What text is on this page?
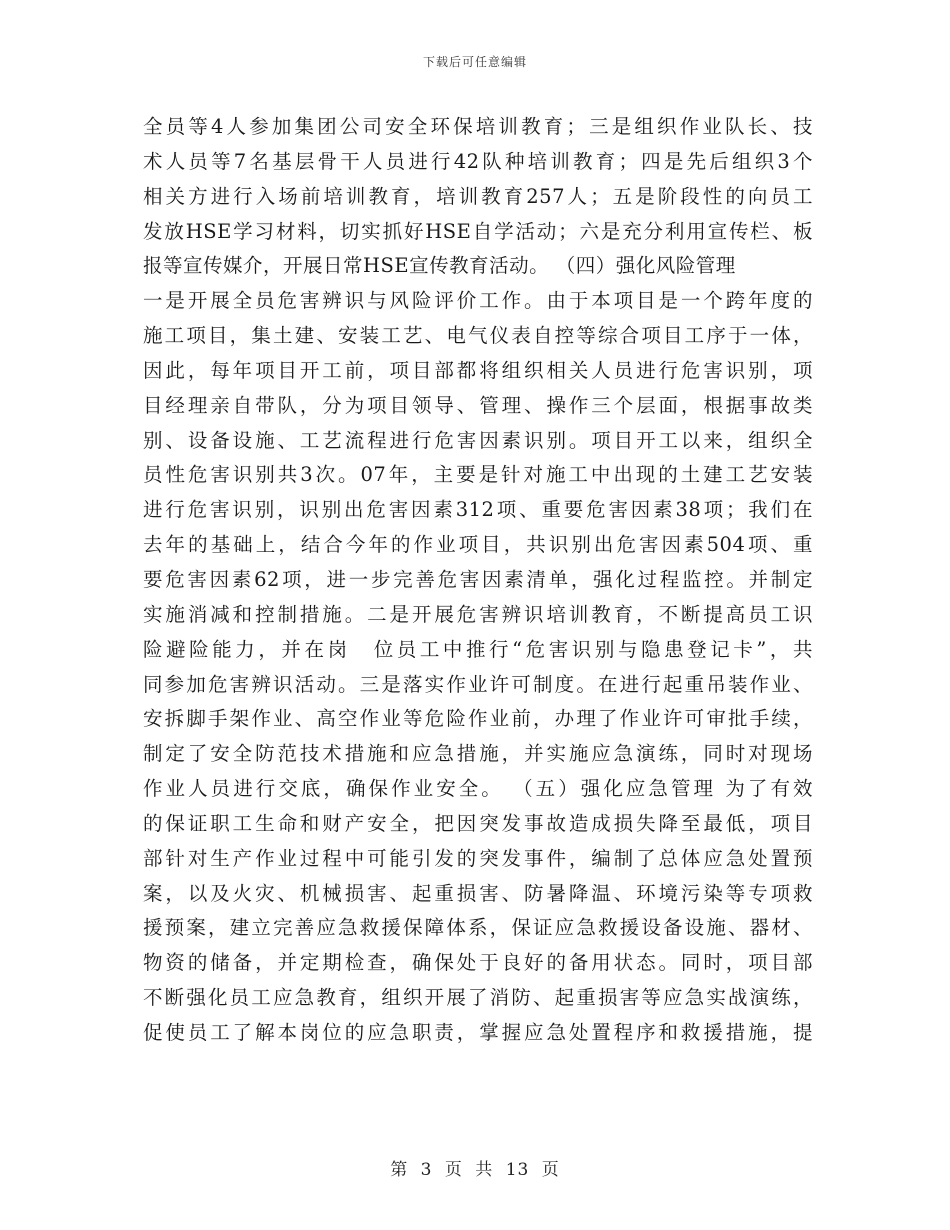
下载后可任意编辑
全员等4人参加集团公司安全环保培训教育；三是组织作业队长、技
术人员等7名基层骨干人员进行42队种培训教育；四是先后组织3个
相关方进行入场前培训教育，培训教育257人；五是阶段性的向员工
发放HSE学习材料，切实抓好HSE自学活动；六是充分利用宣传栏、板
报等宣传媒介，开展日常HSE宣传教育活动。 （四）强化风险管理
一是开展全员危害辨识与风险评价工作。由于本项目是一个跨年度的
施工项目，集土建、安装工艺、电气仪表自控等综合项目工序于一体，
因此，每年项目开工前，项目部都将组织相关人员进行危害识别，项
目经理亲自带队，分为项目领导、管理、操作三个层面，根据事故类
别、设备设施、工艺流程进行危害因素识别。项目开工以来，组织全
员性危害识别共3次。07年，主要是针对施工中出现的土建工艺安装
进行危害识别，识别出危害因素312项、重要危害因素38项；我们在
去年的基础上，结合今年的作业项目，共识别出危害因素504项、重
要危害因素62项，进一步完善危害因素清单，强化过程监控。并制定
实施消减和控制措施。二是开展危害辨识培训教育，不断提高员工识
险避险能力，并在岗　位员工中推行“危害识别与隐患登记卡”，共
同参加危害辨识活动。三是落实作业许可制度。在进行起重吊装作业、
安拆脚手架作业、高空作业等危险作业前，办理了作业许可审批手续，
制定了安全防范技术措施和应急措施，并实施应急演练，同时对现场
作业人员进行交底，确保作业安全。 （五）强化应急管理 为了有效
的保证职工生命和财产安全，把因突发事故造成损失降至最低，项目
部针对生产作业过程中可能引发的突发事件，编制了总体应急处置预
案，以及火灾、机械损害、起重损害、防暑降温、环境污染等专项救
援预案，建立完善应急救援保障体系，保证应急救援设备设施、器材、
物资的储备，并定期检查，确保处于良好的备用状态。同时，项目部
不断强化员工应急教育，组织开展了消防、起重损害等应急实战演练，
促使员工了解本岗位的应急职责，掌握应急处置程序和救援措施，提
第 3 页 共 13 页
